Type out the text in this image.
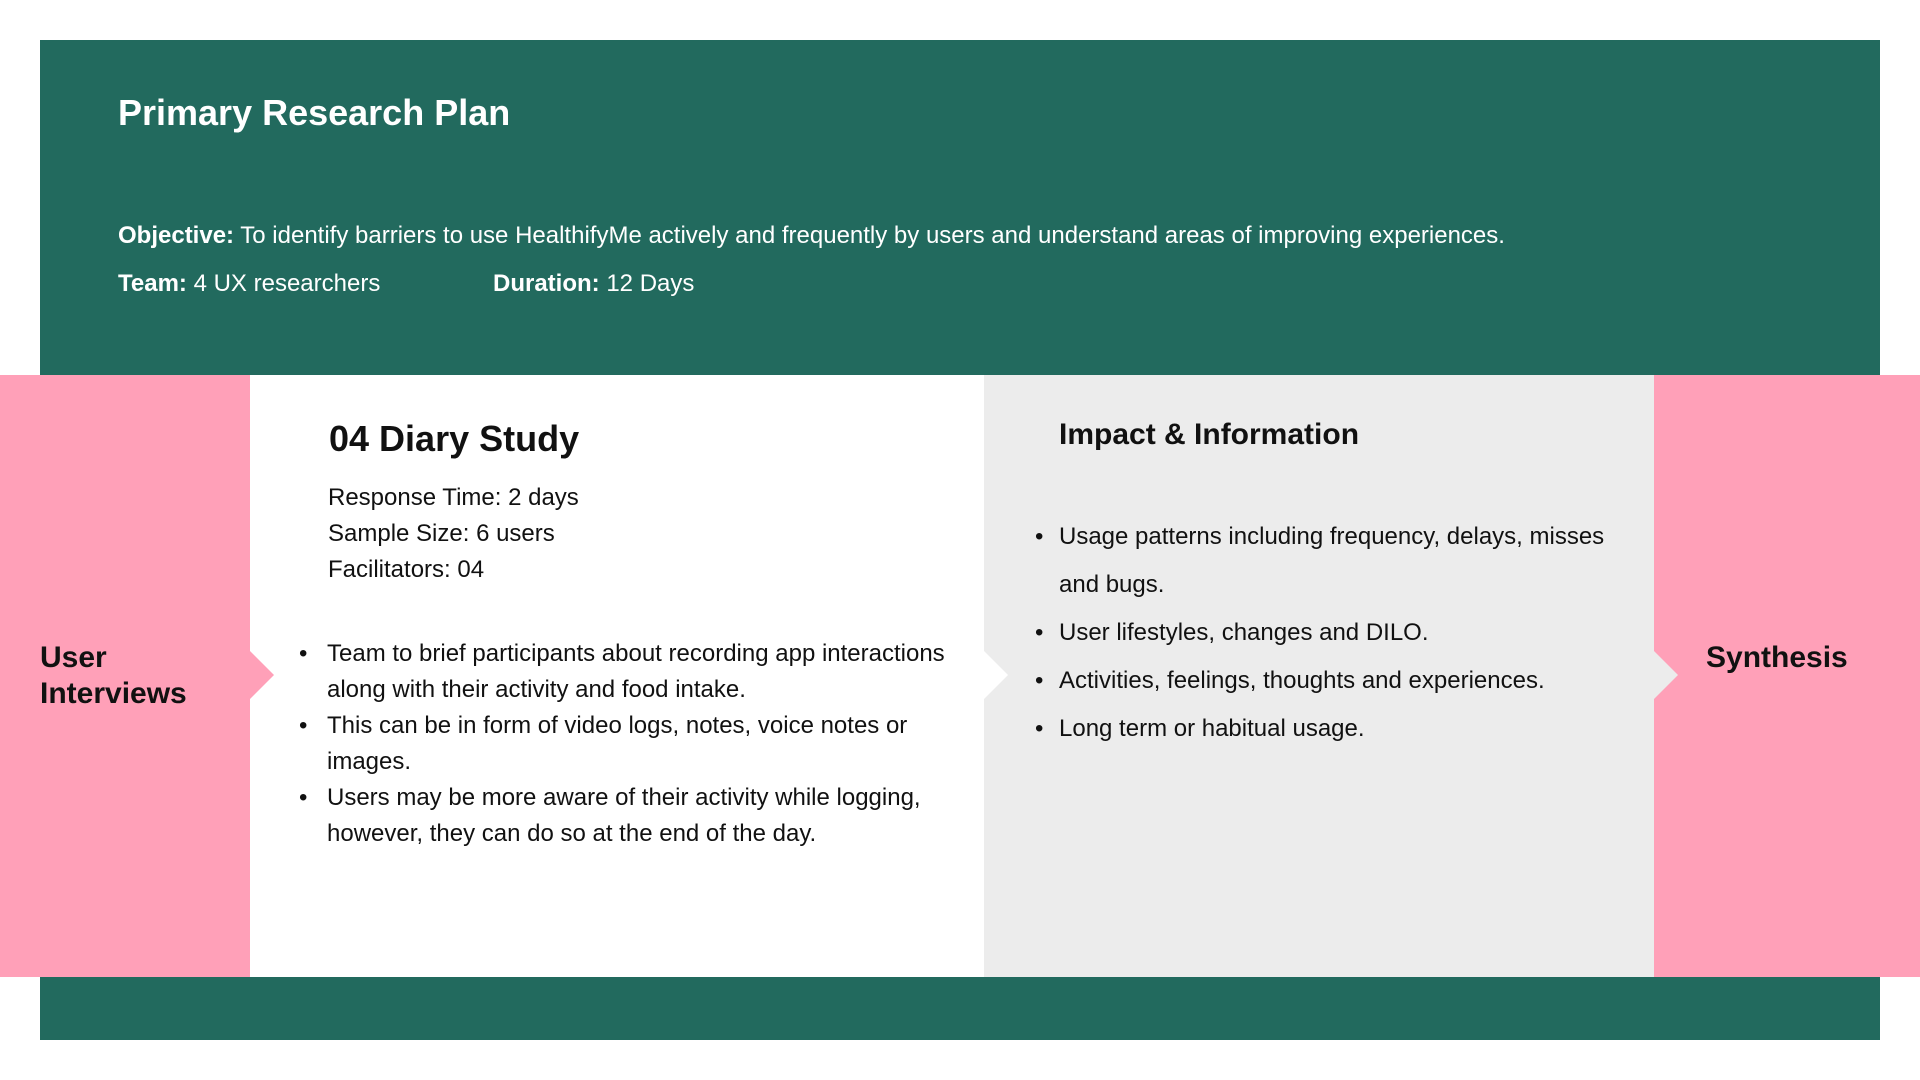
Primary Research Plan

Objective: To identify barriers to use HealthifyMe actively and frequently by users and understand areas of improving experiences.

Team: 4 UX researchers	Duration: 12 Days

User Interviews
04 Diary Study
Response Time: 2 days
Sample Size: 6 users
Facilitators: 04
• Team to brief participants about recording app interactions along with their activity and food intake.
• This can be in form of video logs, notes, voice notes or images.
• Users may be more aware of their activity while logging, however, they can do so at the end of the day.
Impact & Information
• Usage patterns including frequency, delays, misses and bugs.
• User lifestyles, changes and DILO.
• Activities, feelings, thoughts and experiences.
• Long term or habitual usage.
Synthesis
